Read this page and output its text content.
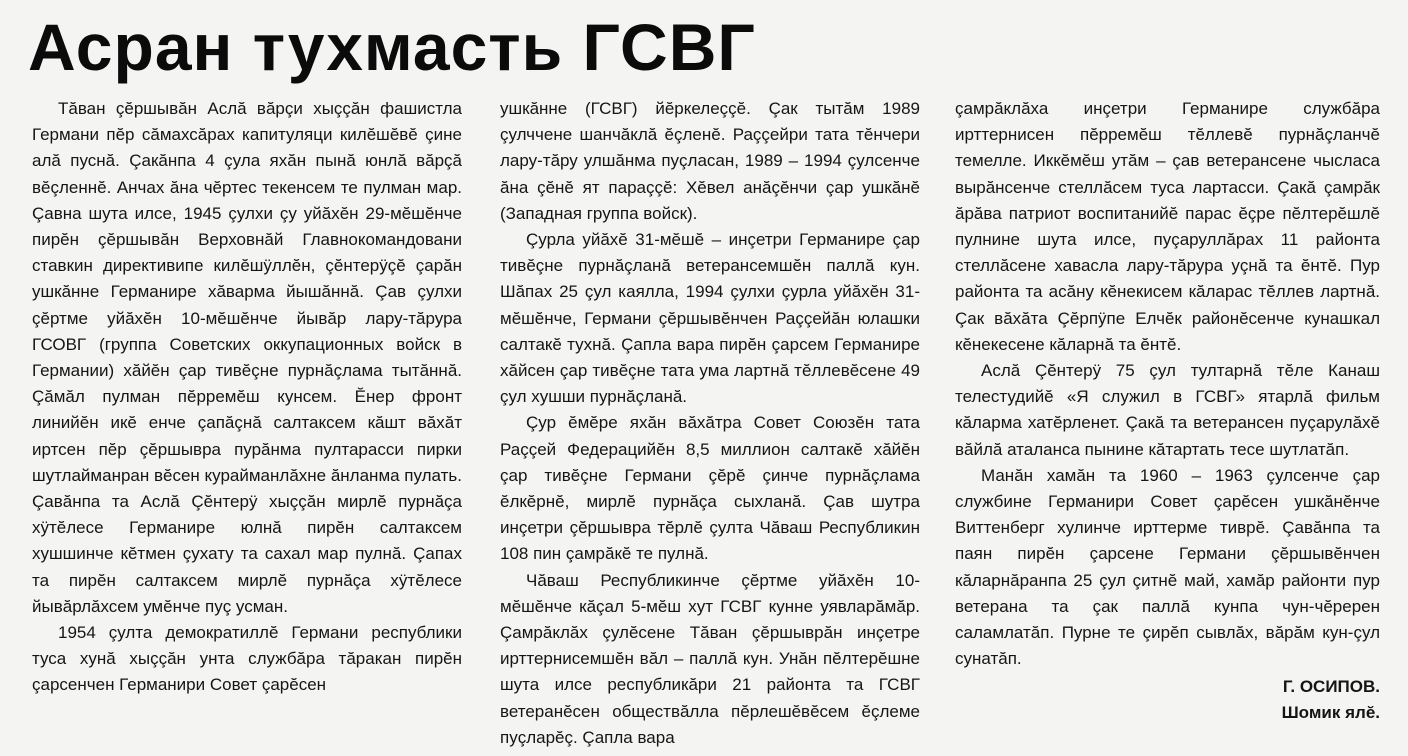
Асран тухмасть ГСВГ

Тăван çĕршывăн Аслă вăрçи хыççăн фашистла Германи пĕр сăмахсăрах капитуляци килĕшĕвĕ çине алă пуснă. Çакăнпа 4 çула яхăн пынă юнлă вăрçă вĕçленнĕ. Анчах ăна чĕртес текенсем те пулман мар. Çавна шута илсе, 1945 çулхи çу уйăхĕн 29-мĕшĕнче пирĕн çĕршывăн Верховнăй Главнокомандовани ставкин директивипе килĕшÿллĕн, çĕнтерÿçĕ çарăн ушкăнне Германире хăварма йышăннă. Çав çулхи çĕртме уйăхĕн 10-мĕшĕнче йывăр лару-тăрура ГСОВГ (группа Советских оккупационных войск в Германии) хăйĕн çар тивĕçне пурнăçлама тытăннă. Çăмăл пулман пĕрремĕш кунсем. Ĕнер фронт линийĕн икĕ енче çапăçнă салтаксем кăшт вăхăт иртсен пĕр çĕршывра пурăнма пултарасси пирки шутлайманран вĕсен курайманлăхне ăнланма пулать. Çавăнпа та Аслă Çĕнтерÿ хыççăн мирлĕ пурнăçа хÿтĕлесе Германире юлнă пирĕн салтаксем хушшинче кĕтмен çухату та сахал мар пулнă. Çапах та пирĕн салтаксем мирлĕ пурнăçа хÿтĕлесе йывăрлăхсем умĕнче пуç усман.

1954 çулта демократиллĕ Германи республики туса хунă хыççăн унта службăра тăракан пирĕн çарсенчен Германири Совет çарĕсен

ушкăнне (ГСВГ) йĕркелеççĕ. Çак тытăм 1989 çулччене шанчăклă ĕçленĕ. Раççейри тата тĕнчери лару-тăру улшăнма пуçласан, 1989 – 1994 çулсенче ăна çĕнĕ ят параççĕ: Хĕвел анăçĕнчи çар ушкăнĕ (Западная группа войск).

Çурла уйăхĕ 31-мĕшĕ – инçетри Германире çар тивĕçне пурнăçланă ветерансемшĕн паллă кун. Шăпах 25 çул каялла, 1994 çулхи çурла уйăхĕн 31-мĕшĕнче, Германи çĕршывĕнчен Раççейăн юлашки салтакĕ тухнă. Çапла вара пирĕн çарсем Германире хăйсен çар тивĕçне тата ума лартнă тĕллевĕсене 49 çул хушши пурнăçланă.

Çур ĕмĕре яхăн вăхăтра Совет Союзĕн тата Раççей Федерацийĕн 8,5 миллион салтакĕ хăйĕн çар тивĕçне Германи çĕрĕ çинче пурнăçлама ĕлкĕрнĕ, мирлĕ пурнăçа сыхланă. Çав шутра инçетри çĕршывра тĕрлĕ çулта Чăваш Республикин 108 пин çамрăкĕ те пулнă.

Чăваш Республикинче çĕртме уйăхĕн 10-мĕшĕнче кăçал 5-мĕш хут ГСВГ кунне уявларăмăр. Çамрăклăх çулĕсене Тăван çĕршыврăн инçетре ирттернисемшĕн вăл – паллă кун. Унăн пĕлтерĕшне шута илсе республикăри 21 районта та ГСВГ ветеранĕсен обществăлла пĕрлешĕвĕсем ĕçлеме пуçларĕç. Çапла вара

çамрăклăха инçетри Германире службăра ирттернисен пĕрремĕш тĕллевĕ пурнăçланчĕ темелле. Иккĕмĕш утăм – çав ветерансене чысласа вырăнсенче стеллăсем туса лартасси. Çакă çамрăк ăрăва патриот воспитанийĕ парас ĕçре пĕлтерĕшлĕ пулнине шута илсе, пуçаруллăрах 11 районта стеллăсене хавасла лару-тăрура уçнă та ĕнтĕ. Пур районта та асăну кĕнекисем кăларас тĕллев лартнă. Çак вăхăта Çĕрпÿпе Елчĕк районĕсенче кунашкал кĕнекесене кăларнă та ĕнтĕ.

Аслă Çĕнтерÿ 75 çул тултарнă тĕле Канаш телестудийĕ «Я служил в ГСВГ» ятарлă фильм кăларма хатĕрленет. Çакă та ветерансен пуçарулăхĕ вăйлă аталанса пынине кăтартать тесе шутлатăп.

Манăн хамăн та 1960 – 1963 çулсенче çар службине Германири Совет çарĕсен ушкăнĕнче Виттенберг хулинче ирттерме тиврĕ. Çавăнпа та паян пирĕн çарсене Германи çĕршывĕнчен кăларнăранпа 25 çул çитнĕ май, хамăр районти пур ветерана та çак паллă кунпа чун-чĕререн саламлатăп. Пурне те çирĕп сывлăх, вăрăм кун-çул сунатăп.

Г. ОСИПОВ.
Шомик ялĕ.
